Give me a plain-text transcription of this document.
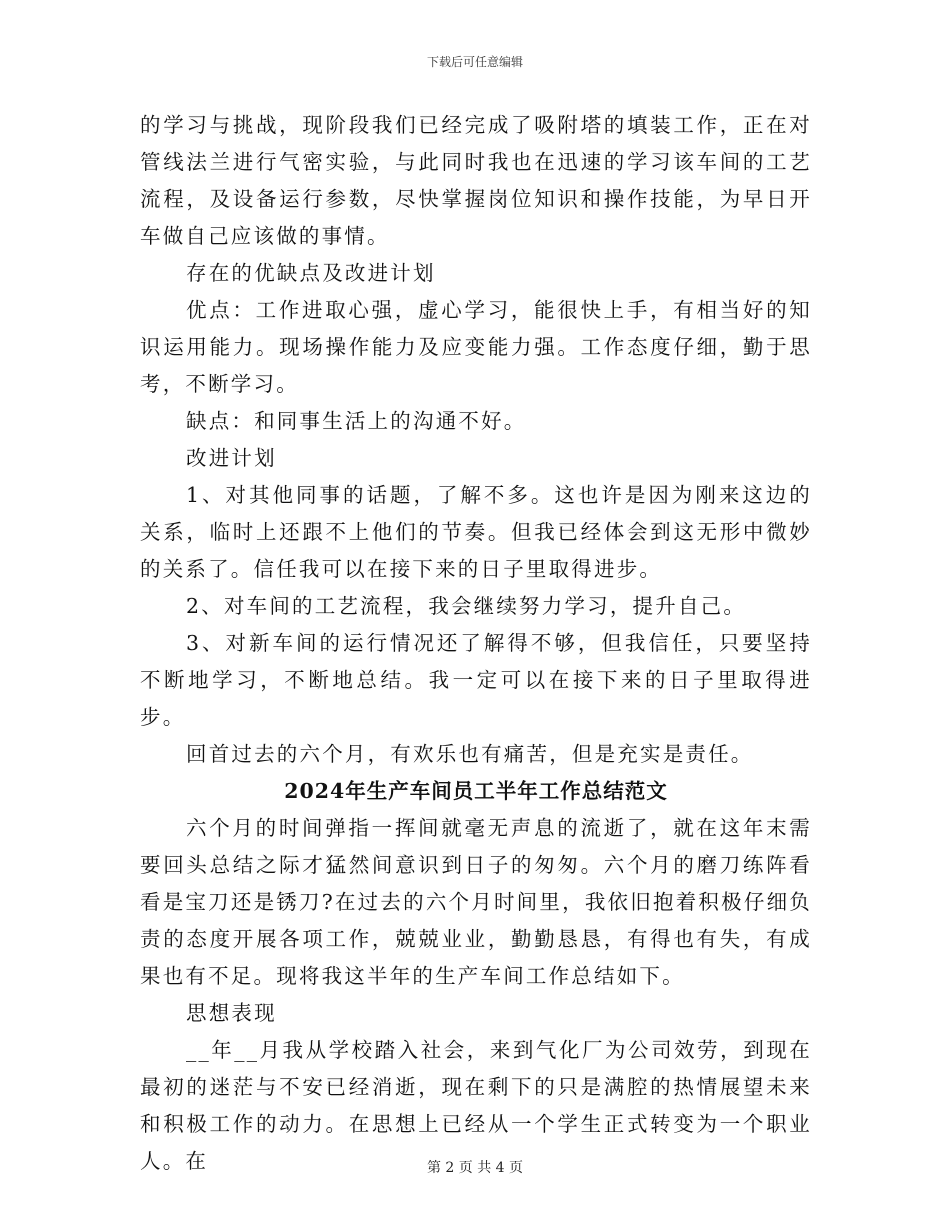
下载后可任意编辑

的学习与挑战，现阶段我们已经完成了吸附塔的填装工作，正在对管线法兰进行气密实验，与此同时我也在迅速的学习该车间的工艺流程，及设备运行参数，尽快掌握岗位知识和操作技能，为早日开车做自己应该做的事情。

存在的优缺点及改进计划

优点：工作进取心强，虚心学习，能很快上手，有相当好的知识运用能力。现场操作能力及应变能力强。工作态度仔细，勤于思考，不断学习。

缺点：和同事生活上的沟通不好。

改进计划

1、对其他同事的话题，了解不多。这也许是因为刚来这边的关系，临时上还跟不上他们的节奏。但我已经体会到这无形中微妙的关系了。信任我可以在接下来的日子里取得进步。

2、对车间的工艺流程，我会继续努力学习，提升自己。

3、对新车间的运行情况还了解得不够，但我信任，只要坚持不断地学习，不断地总结。我一定可以在接下来的日子里取得进步。

回首过去的六个月，有欢乐也有痛苦，但是充实是责任。

2024年生产车间员工半年工作总结范文

六个月的时间弹指一挥间就毫无声息的流逝了，就在这年末需要回头总结之际才猛然间意识到日子的匆匆。六个月的磨刀练阵看看是宝刀还是锈刀?在过去的六个月时间里，我依旧抱着积极仔细负责的态度开展各项工作，兢兢业业，勤勤恳恳，有得也有失，有成果也有不足。现将我这半年的生产车间工作总结如下。

思想表现

__年__月我从学校踏入社会，来到气化厂为公司效劳，到现在最初的迷茫与不安已经消逝，现在剩下的只是满腔的热情展望未来和积极工作的动力。在思想上已经从一个学生正式转变为一个职业人。在	第 2 页 共 4 页
